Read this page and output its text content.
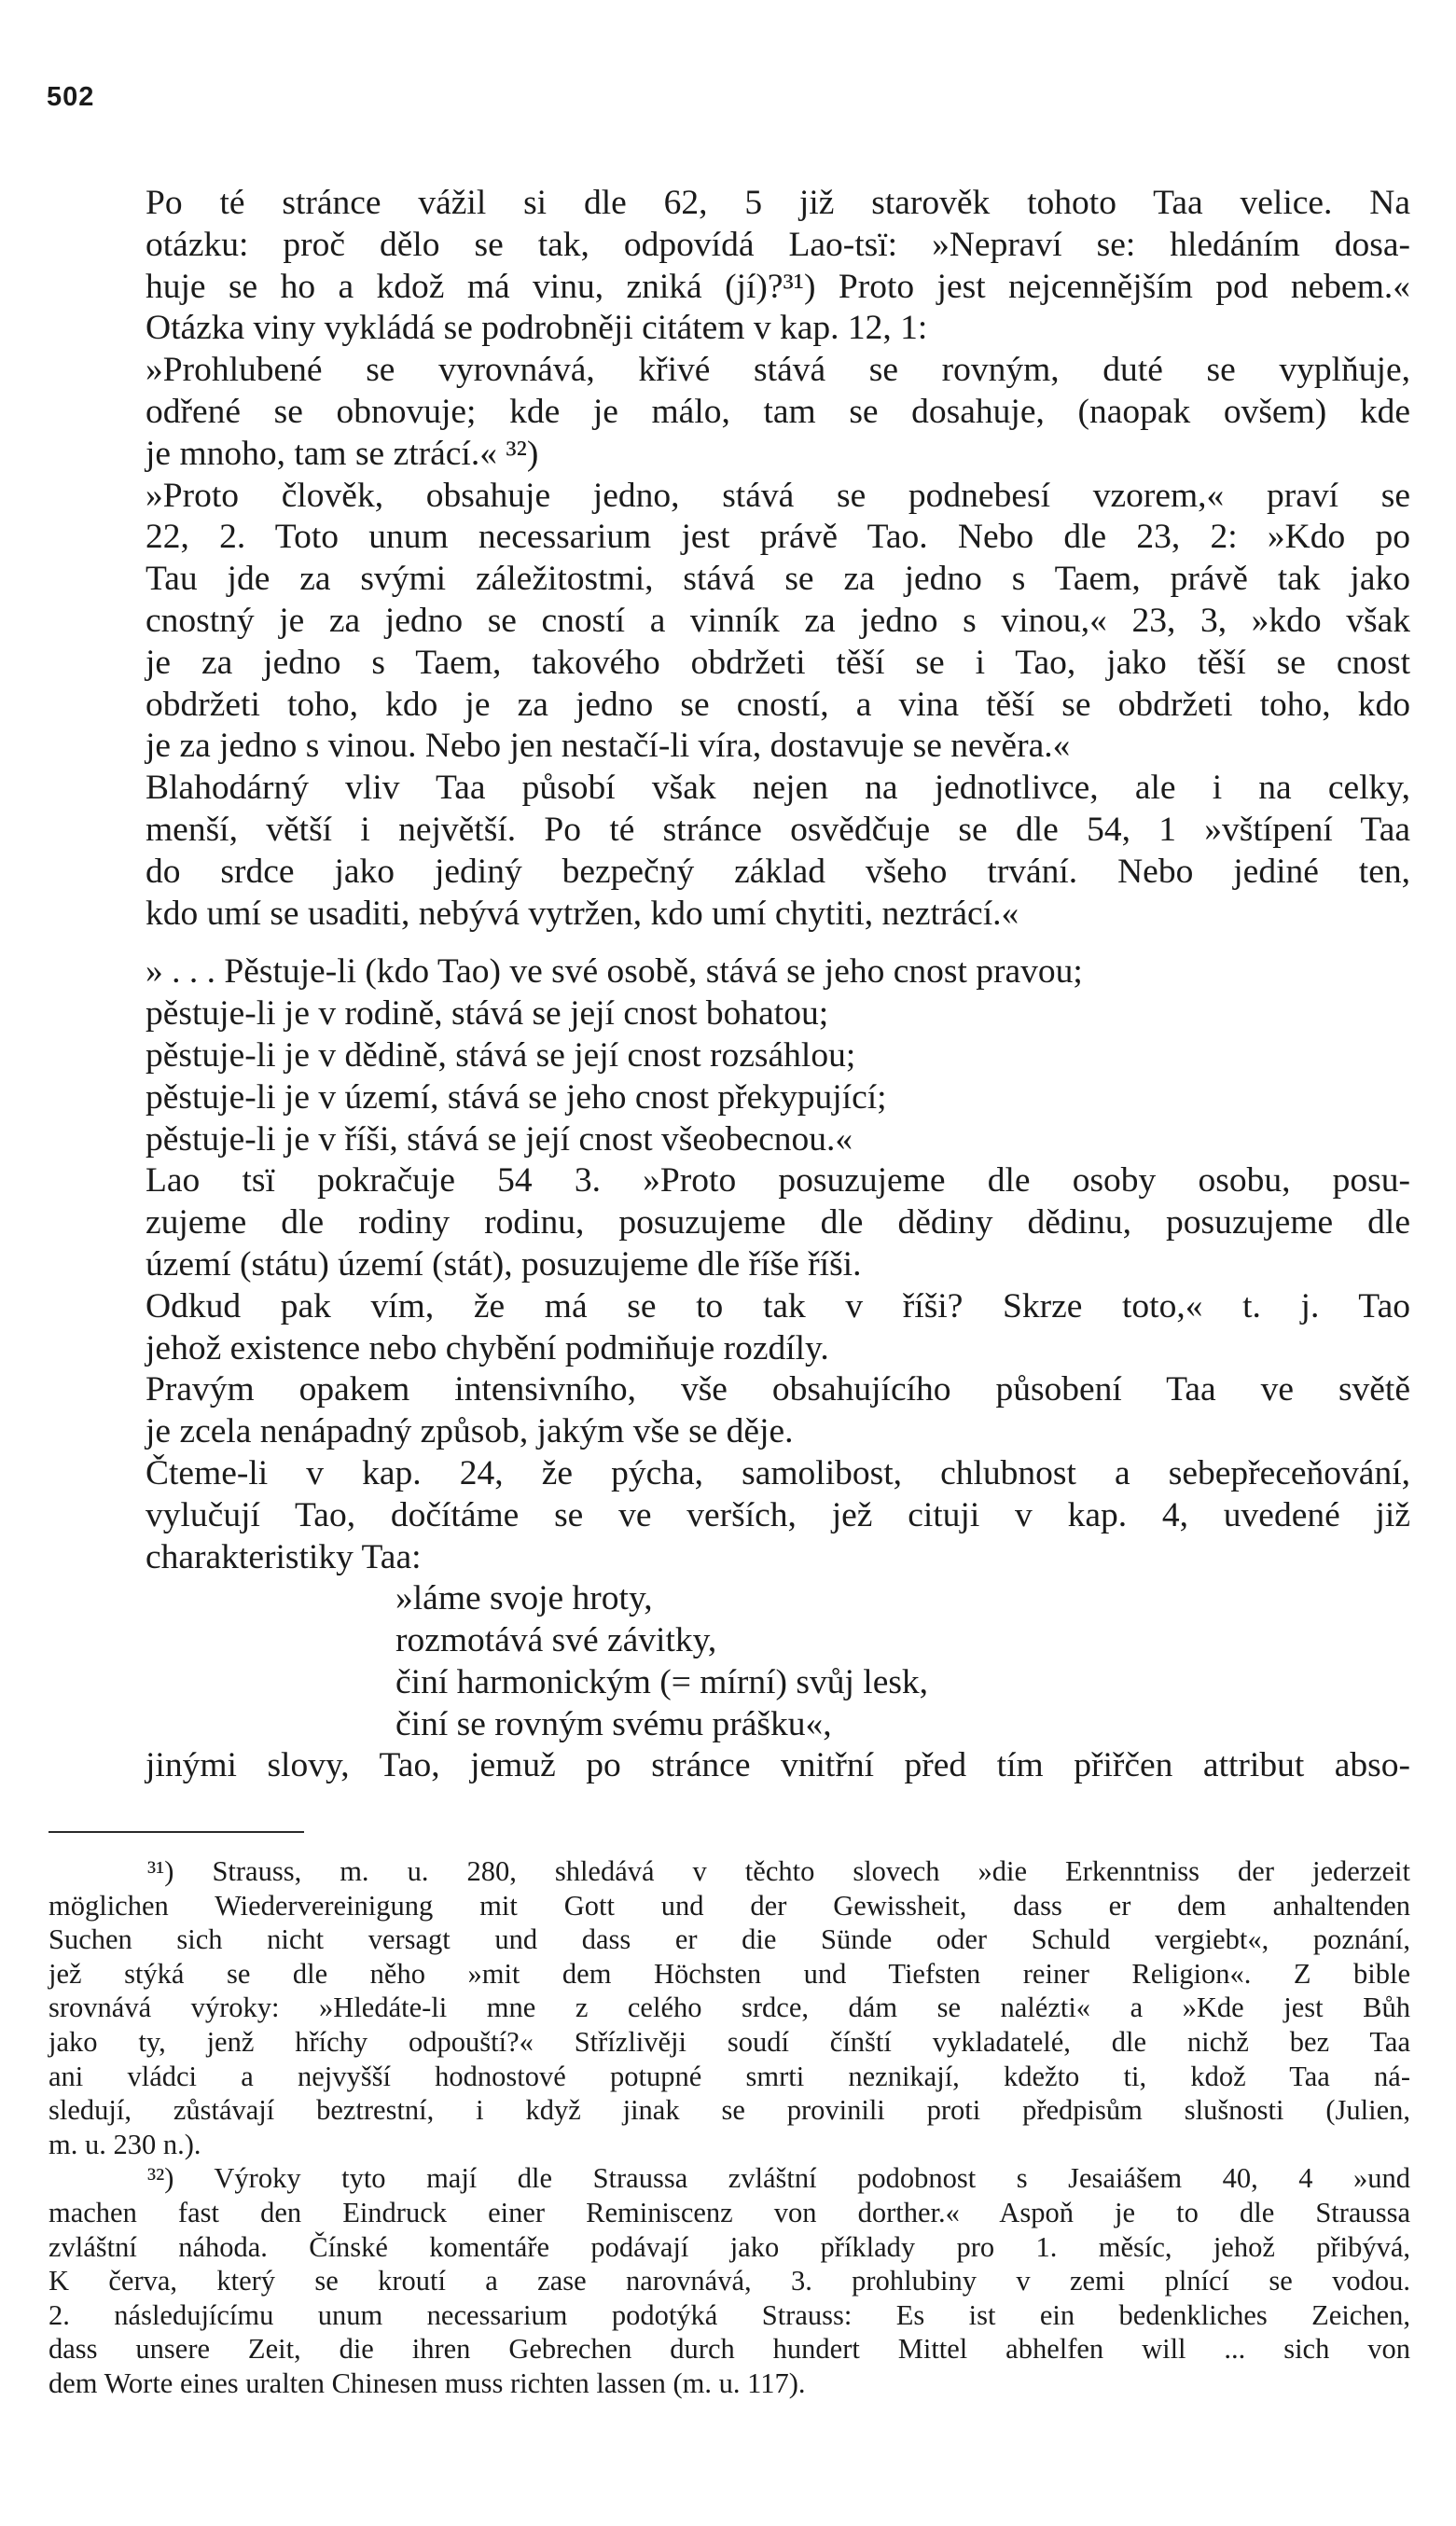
502
Po té stránce vážil si dle 62, 5 již starověk tohoto Taa velice. Na
otázku: proč dělo se tak, odpovídá Lao-tsï: »Nepraví se: hledáním dosa-
huje se ho a kdož má vinu, zniká (jí)?³¹) Proto jest nejcennějším pod nebem.«
Otázka viny vykládá se podrobněji citátem v kap. 12, 1:
»Prohlubené se vyrovnává, křivé stává se rovným, duté se vyplňuje,
odřené se obnovuje; kde je málo, tam se dosahuje, (naopak ovšem) kde
je mnoho, tam se ztrácí.« ³²)
»Proto člověk, obsahuje jedno, stává se podnebesí vzorem,« praví se
22, 2. Toto unum necessarium jest právě Tao. Nebo dle 23, 2: »Kdo po
Tau jde za svými záležitostmi, stává se za jedno s Taem, právě tak jako
cnostný je za jedno se cností a vinník za jedno s vinou,« 23, 3, »kdo však
je za jedno s Taem, takového obdržeti těší se i Tao, jako těší se cnost
obdržeti toho, kdo je za jedno se cností, a vina těší se obdržeti toho, kdo
je za jedno s vinou. Nebo jen nestačí-li víra, dostavuje se nevěra.«
Blahodárný vliv Taa působí však nejen na jednotlivce, ale i na celky,
menší, větší i největší. Po té stránce osvědčuje se dle 54, 1 »vštípení Taa
do srdce jako jediný bezpečný základ všeho trvání. Nebo jediné ten,
kdo umí se usaditi, nebývá vytržen, kdo umí chytiti, neztrácí.«
» . . . Pěstuje-li (kdo Tao) ve své osobě, stává se jeho cnost pravou;
pěstuje-li je v rodině, stává se její cnost bohatou;
pěstuje-li je v dědině, stává se její cnost rozsáhlou;
pěstuje-li je v území, stává se jeho cnost překypující;
pěstuje-li je v říši, stává se její cnost všeobecnou.«
Lao tsï pokračuje 54 3. »Proto posuzujeme dle osoby osobu, posu-
zujeme dle rodiny rodinu, posuzujeme dle dědiny dědinu, posuzujeme dle
území (státu) území (stát), posuzujeme dle říše říši.
Odkud pak vím, že má se to tak v říši? Skrze toto,« t. j. Tao
jehož existence nebo chybění podmiňuje rozdíly.
Pravým opakem intensivního, vše obsahujícího působení Taa ve světě
je zcela nenápadný způsob, jakým vše se děje.
Čteme-li v kap. 24, že pýcha, samolibost, chlubnost a sebepřeceňování,
vylučují Tao, dočítáme se ve verších, jež cituji v kap. 4, uvedené již
charakteristiky Taa:
»lámе svoje hroty,
rozmotává své závitky,
činí harmonickým (= mírní) svůj lesk,
činí se rovným svému prášku«,
jinými slovy, Tao, jemuž po stránce vnitřní před tím přiřčen attribut abso-
³¹) Strauss, m. u. 280, shledává v těchto slovech »die Erkenntniss der jederzeit
möglichen Wiedervereinigung mit Gott und der Gewissheit, dass er dem anhaltenden
Suchen sich nicht versagt und dass er die Sünde oder Schuld vergiebt«, poznání,
jež stýká se dle něho »mit dem Höchsten und Tiefsten reiner Religion«. Z bible
srovnává výroky: »Hledáte-li mne z celého srdce, dám se nalézti« a »Kde jest Bůh
jako ty, jenž hříchy odpouští?« Střízlivěji soudí čínští vykladatelé, dle nichž bez Taa
ani vládci a nejvyšší hodnostové potupné smrti neznikají, kdežto ti, kdož Taa ná-
sledují, zůstávají beztrestní, i když jinak se provinili proti předpisům slušnosti (Julien,
m. u. 230 n.).
³²) Výroky tyto mají dle Straussa zvláštní podobnost s Jesaiášem 40, 4 »und
machen fast den Eindruck einer Reminiscenz von dorther.« Aspoň je to dle Straussa
zvláštní náhoda. Čínské komentáře podávají jako příklady pro 1. měsíc, jehož přibývá,
K červa, který se kroutí a zase narovnává, 3. prohlubiny v zemi plnící se vodou.
2. následujícímu unum necessarium podotýká Strauss: Es ist ein bedenkliches Zeichen,
dass unsere Zeit, die ihren Gebrechen durch hundert Mittel abhelfen will ... sich von
dem Worte eines uralten Chinesen muss richten lassen (m. u. 117).
